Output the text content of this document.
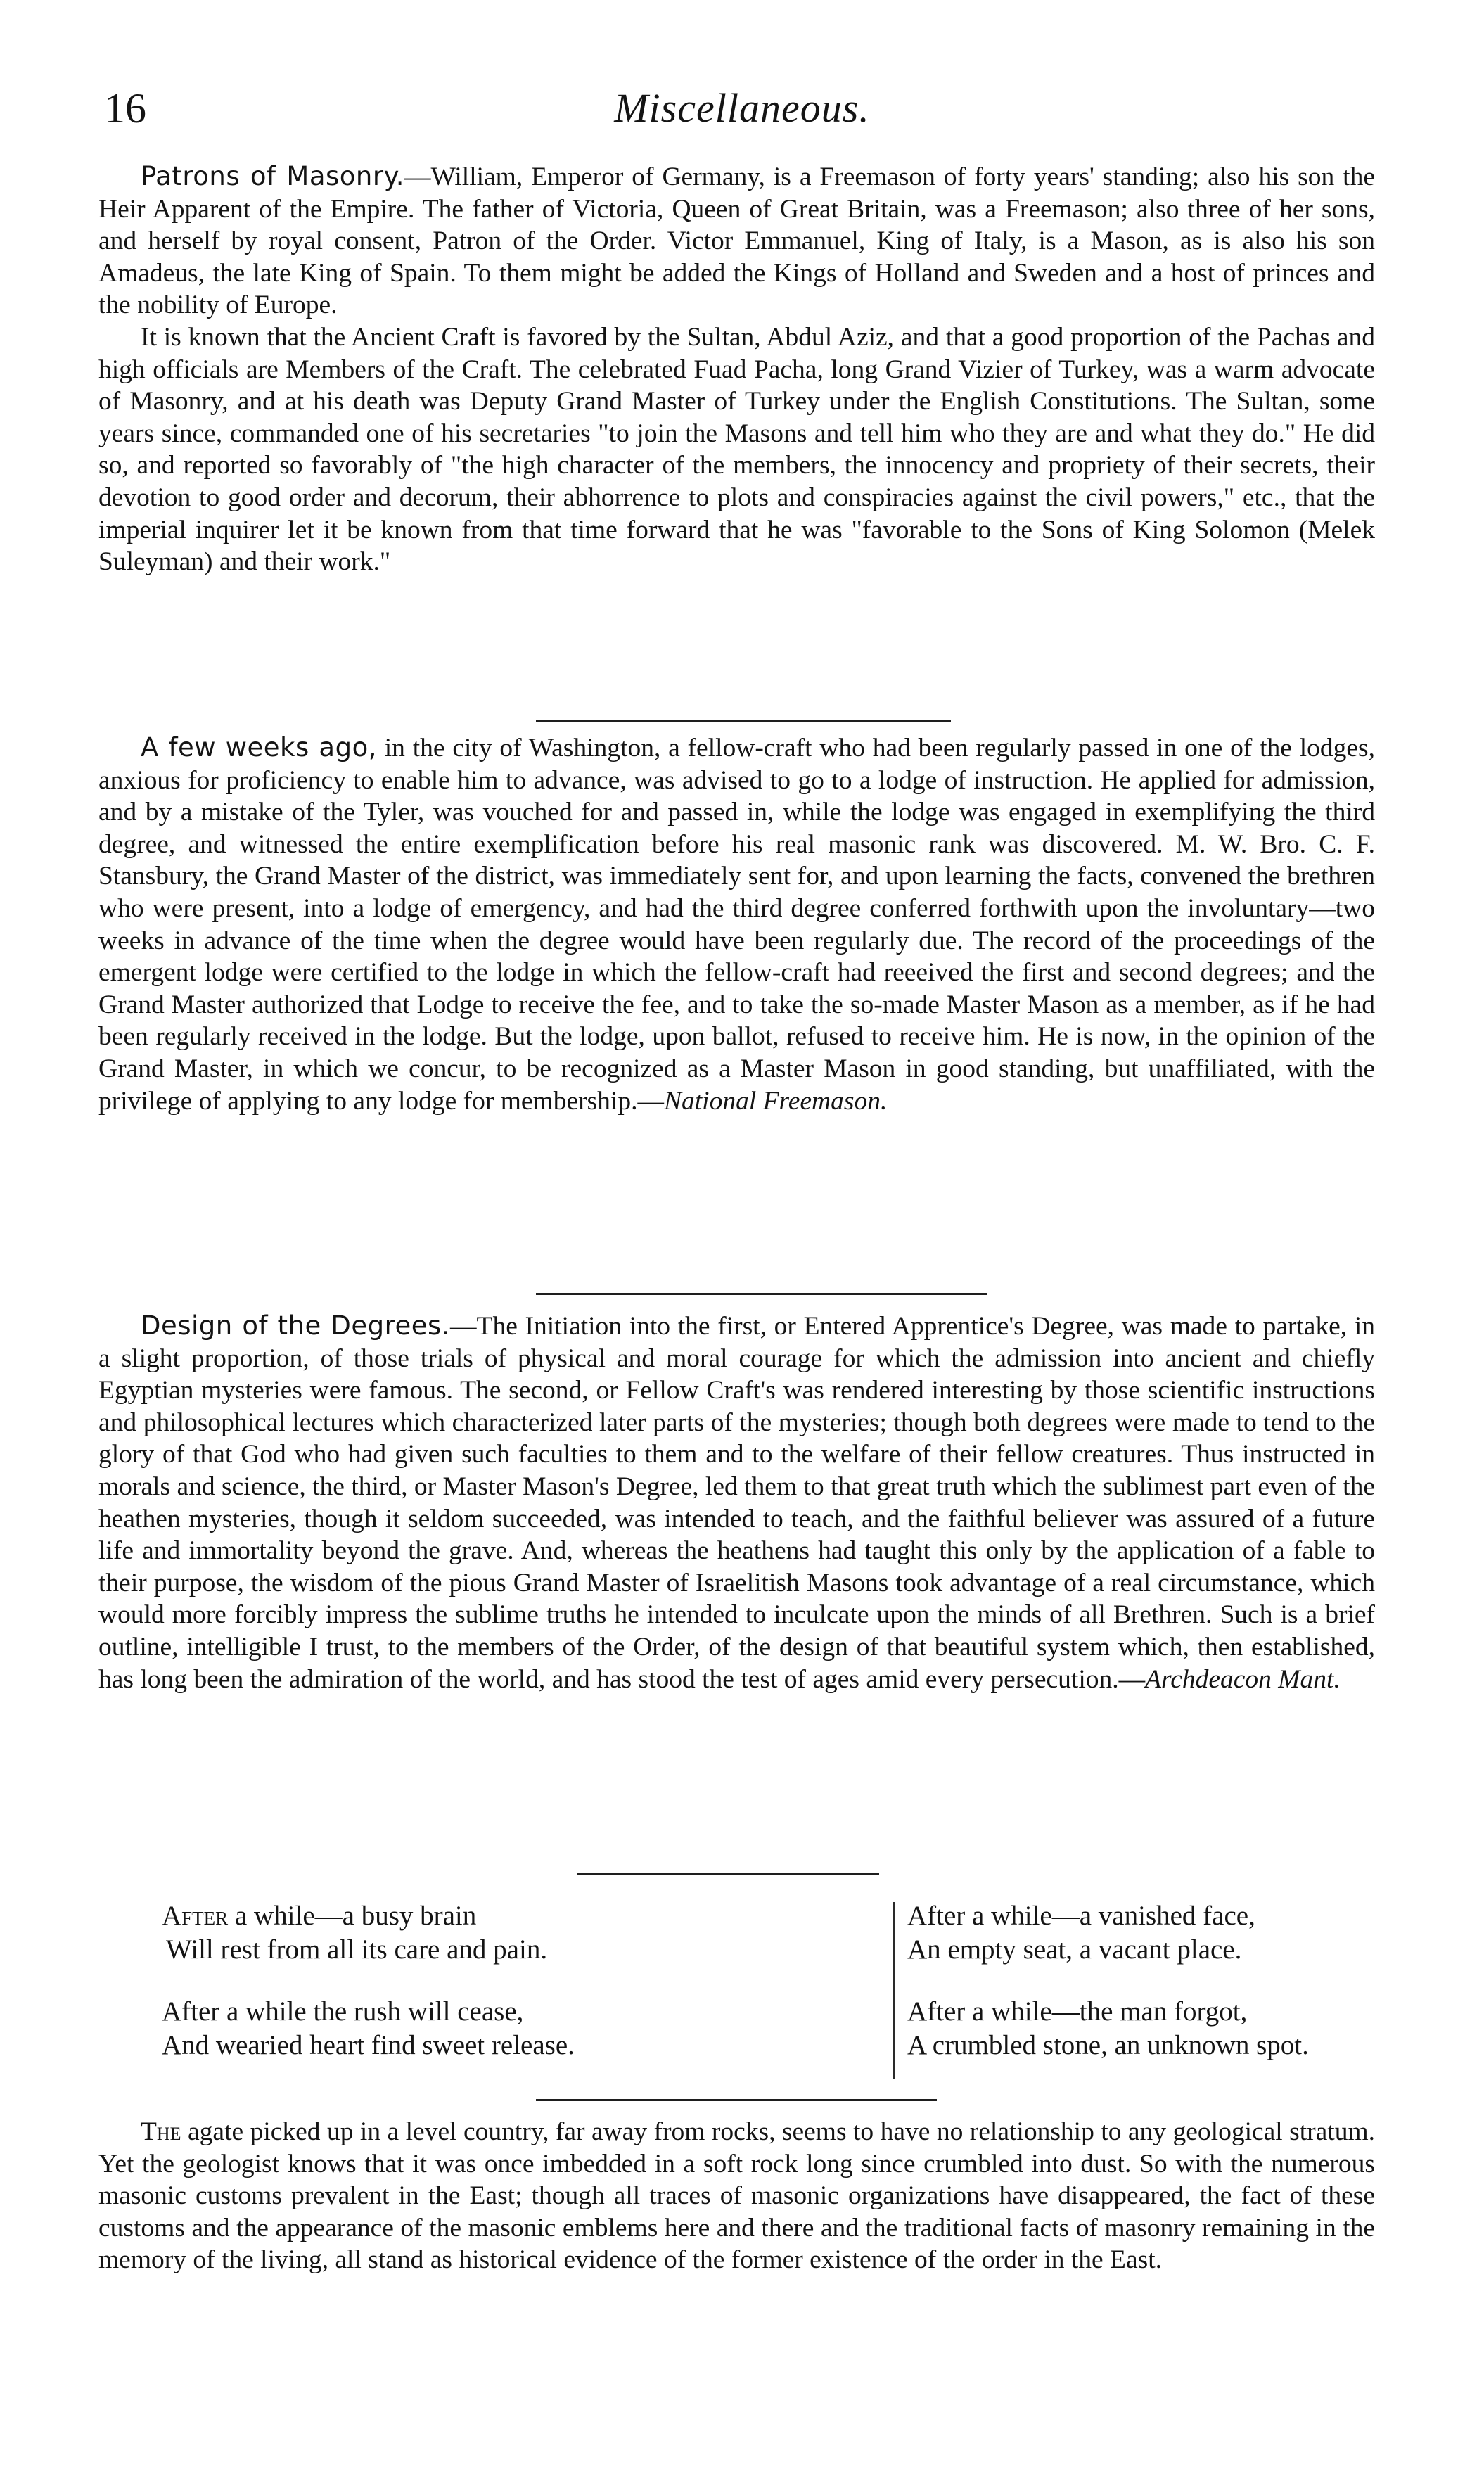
16	Miscellaneous.

Patrons of Masonry.—William, Emperor of Germany, is a Freemason of forty years' standing; also his son the Heir Apparent of the Empire. The father of Victoria, Queen of Great Britain, was a Freemason; also three of her sons, and herself by royal consent, Patron of the Order. Victor Emmanuel, King of Italy, is a Mason, as is also his son Amadeus, the late King of Spain. To them might be added the Kings of Holland and Sweden and a host of princes and the nobility of Europe.

It is known that the Ancient Craft is favored by the Sultan, Abdul Aziz, and that a good proportion of the Pachas and high officials are Members of the Craft. The celebrated Fuad Pacha, long Grand Vizier of Turkey, was a warm advocate of Masonry, and at his death was Deputy Grand Master of Turkey under the English Constitutions. The Sultan, some years since, commanded one of his secretaries "to join the Masons and tell him who they are and what they do." He did so, and reported so favorably of "the high character of the members, the innocency and propriety of their secrets, their devotion to good order and decorum, their abhorrence to plots and conspiracies against the civil powers," etc., that the imperial inquirer let it be known from that time forward that he was "favorable to the Sons of King Solomon (Melek Suleyman) and their work."

A few weeks ago, in the city of Washington, a fellow-craft who had been regularly passed in one of the lodges, anxious for proficiency to enable him to advance, was advised to go to a lodge of instruction. He applied for admission, and by a mistake of the Tyler, was vouched for and passed in, while the lodge was engaged in exemplifying the third degree, and witnessed the entire exemplification before his real masonic rank was discovered. M. W. Bro. C. F. Stansbury, the Grand Master of the district, was immediately sent for, and upon learning the facts, convened the brethren who were present, into a lodge of emergency, and had the third degree conferred forthwith upon the involuntary—two weeks in advance of the time when the degree would have been regularly due. The record of the proceedings of the emergent lodge were certified to the lodge in which the fellow-craft had reeeived the first and second degrees; and the Grand Master authorized that Lodge to receive the fee, and to take the so-made Master Mason as a member, as if he had been regularly received in the lodge. But the lodge, upon ballot, refused to receive him. He is now, in the opinion of the Grand Master, in which we concur, to be recognized as a Master Mason in good standing, but unaffiliated, with the privilege of applying to any lodge for membership.—National Freemason.

Design of the Degrees.—The Initiation into the first, or Entered Apprentice's Degree, was made to partake, in a slight proportion, of those trials of physical and moral courage for which the admission into ancient and chiefly Egyptian mysteries were famous. The second, or Fellow Craft's was rendered interesting by those scientific instructions and philosophical lectures which characterized later parts of the mysteries; though both degrees were made to tend to the glory of that God who had given such faculties to them and to the welfare of their fellow creatures. Thus instructed in morals and science, the third, or Master Mason's Degree, led them to that great truth which the sublimest part even of the heathen mysteries, though it seldom succeeded, was intended to teach, and the faithful believer was assured of a future life and immortality beyond the grave. And, whereas the heathens had taught this only by the application of a fable to their purpose, the wisdom of the pious Grand Master of Israelitish Masons took advantage of a real circumstance, which would more forcibly impress the sublime truths he intended to inculcate upon the minds of all Brethren. Such is a brief outline, intelligible I trust, to the members of the Order, of the design of that beautiful system which, then established, has long been the admiration of the world, and has stood the test of ages amid every persecution.—Archdeacon Mant.

After a while—a busy brain
Will rest from all its care and pain.
After a while the rush will cease,
And wearied heart find sweet release.
After a while—a vanished face,
An empty seat, a vacant place.
After a while—the man forgot,
A crumbled stone, an unknown spot.

The agate picked up in a level country, far away from rocks, seems to have no relationship to any geological stratum. Yet the geologist knows that it was once imbedded in a soft rock long since crumbled into dust. So with the numerous masonic customs prevalent in the East; though all traces of masonic organizations have disappeared, the fact of these customs and the appearance of the masonic emblems here and there and the traditional facts of masonry remaining in the memory of the living, all stand as historical evidence of the former existence of the order in the East.
